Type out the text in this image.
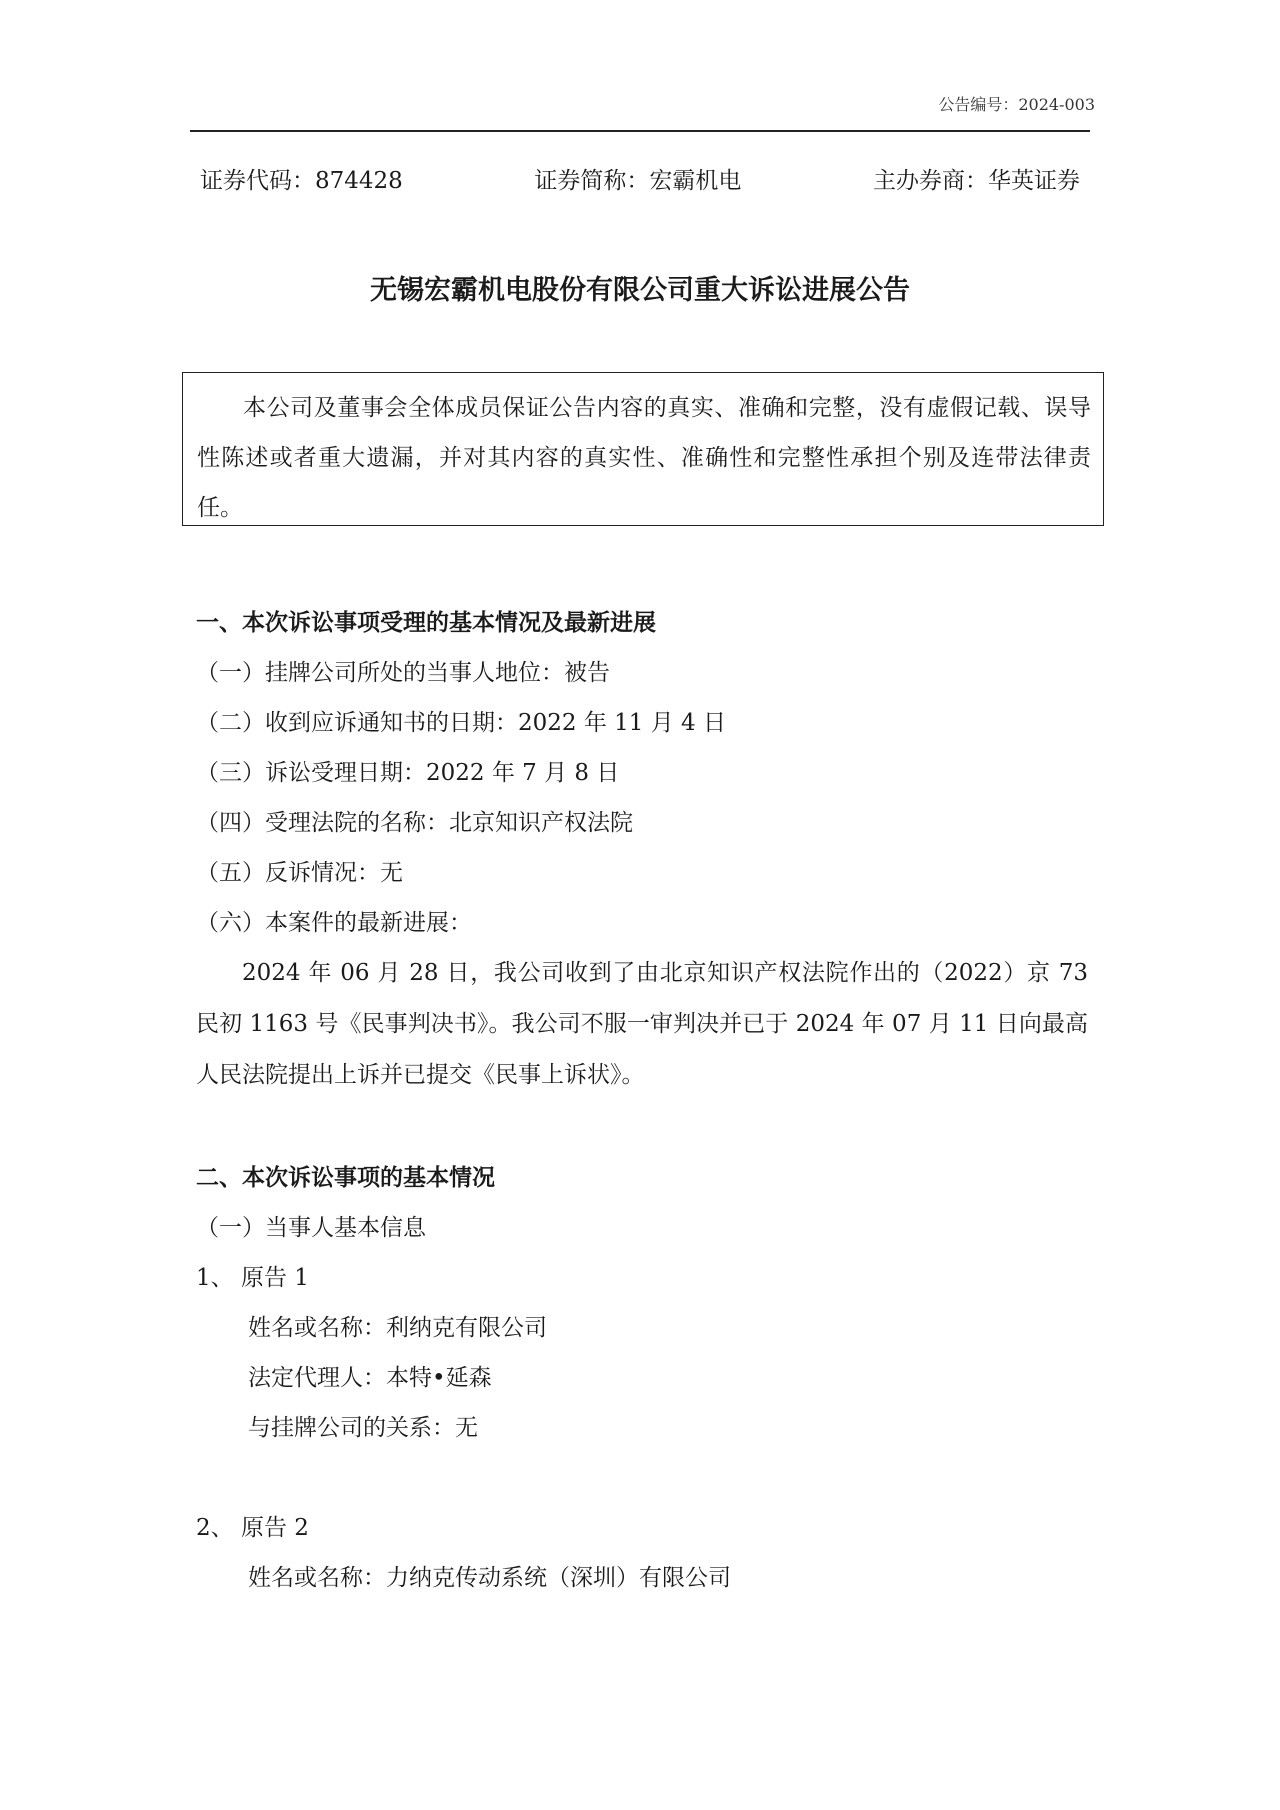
公告编号：2024-003
证券代码：874428	证券简称：宏霸机电	主办券商：华英证券
无锡宏霸机电股份有限公司重大诉讼进展公告
本公司及董事会全体成员保证公告内容的真实、准确和完整，没有虚假记载、误导性陈述或者重大遗漏，并对其内容的真实性、准确性和完整性承担个别及连带法律责任。
一、本次诉讼事项受理的基本情况及最新进展
（一）挂牌公司所处的当事人地位：被告
（二）收到应诉通知书的日期：2022 年 11 月 4 日
（三）诉讼受理日期：2022 年 7 月 8 日
（四）受理法院的名称：北京知识产权法院
（五）反诉情况：无
（六）本案件的最新进展：
2024 年 06 月 28 日，我公司收到了由北京知识产权法院作出的（2022）京 73 民初 1163 号《民事判决书》。我公司不服一审判决并已于 2024 年 07 月 11 日向最高人民法院提出上诉并已提交《民事上诉状》。
二、本次诉讼事项的基本情况
（一）当事人基本信息
1、 原告 1
姓名或名称：利纳克有限公司
法定代理人：本特•延森
与挂牌公司的关系：无
2、 原告 2
姓名或名称：力纳克传动系统（深圳）有限公司
